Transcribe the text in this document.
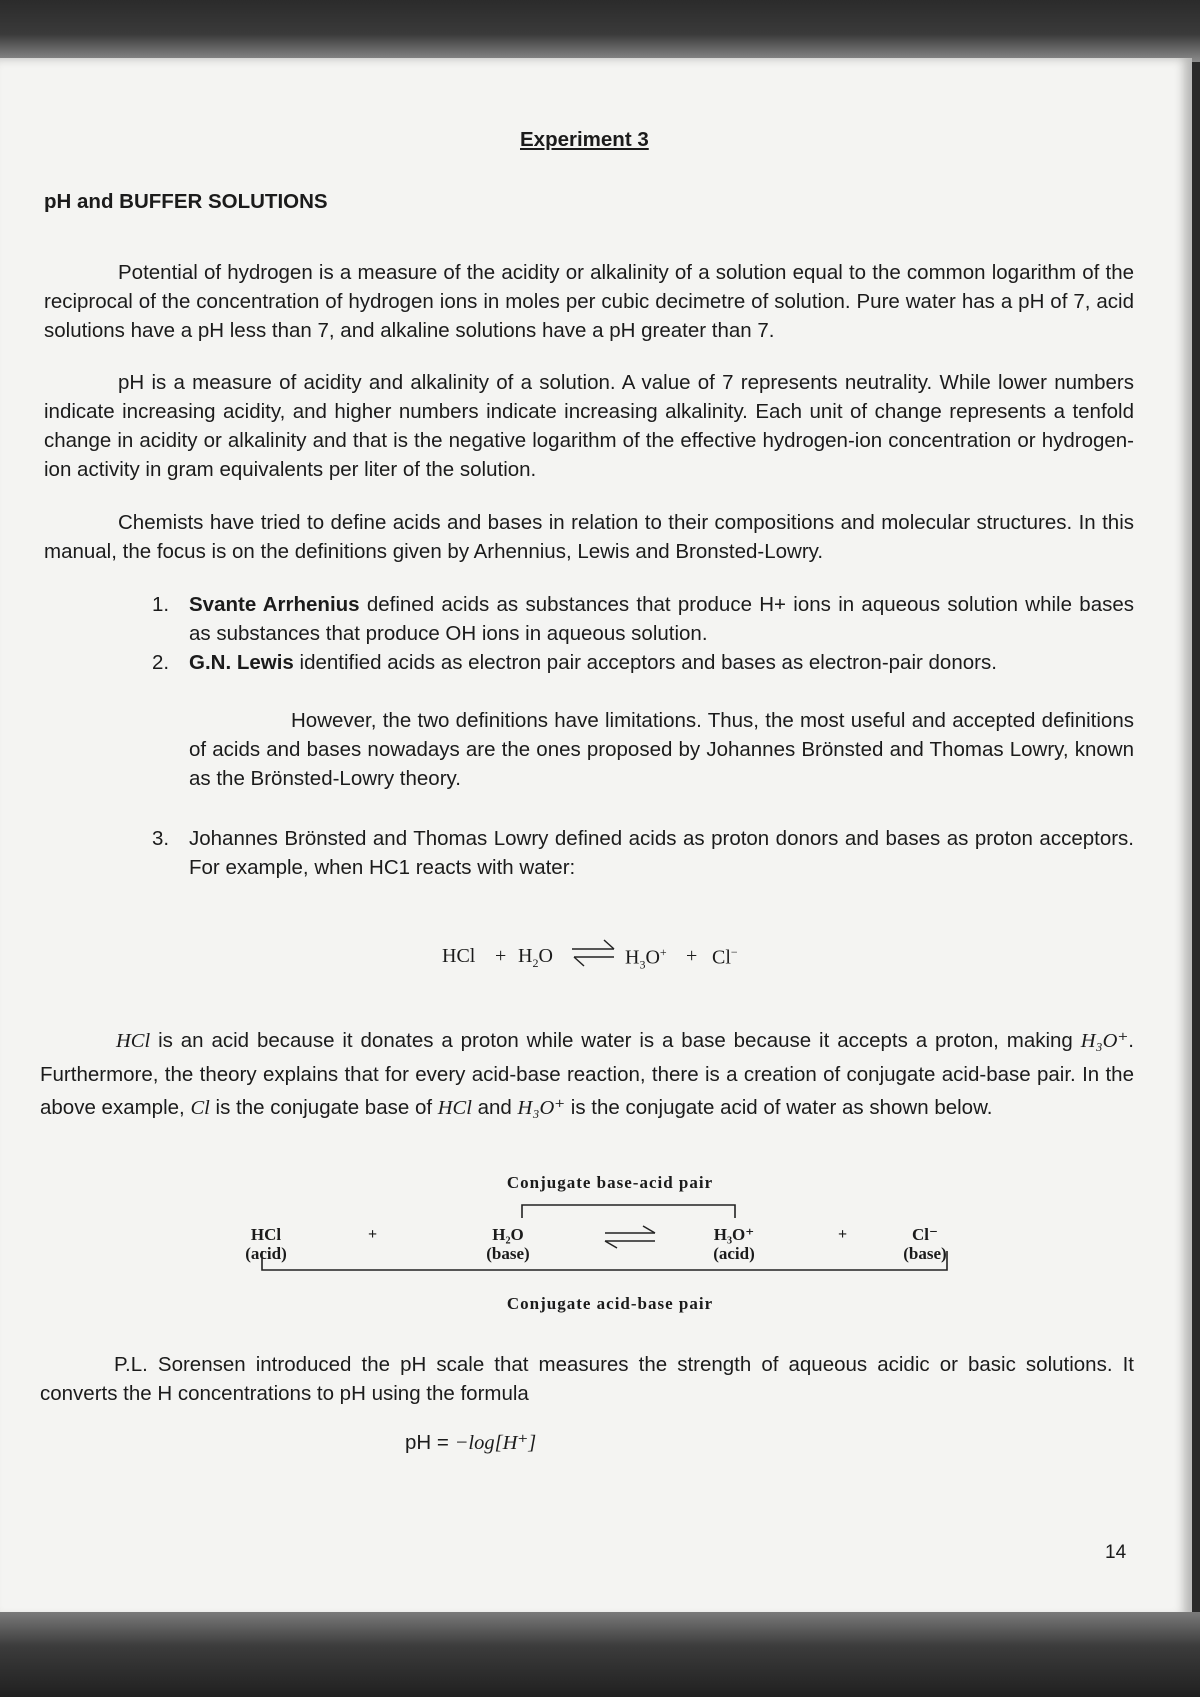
Experiment 3
pH and BUFFER SOLUTIONS
Potential of hydrogen is a measure of the acidity or alkalinity of a solution equal to the common logarithm of the reciprocal of the concentration of hydrogen ions in moles per cubic decimetre of solution. Pure water has a pH of 7, acid solutions have a pH less than 7, and alkaline solutions have a pH greater than 7.
pH is a measure of acidity and alkalinity of a solution. A value of 7 represents neutrality. While lower numbers indicate increasing acidity, and higher numbers indicate increasing alkalinity. Each unit of change represents a tenfold change in acidity or alkalinity and that is the negative logarithm of the effective hydrogen-ion concentration or hydrogen-ion activity in gram equivalents per liter of the solution.
Chemists have tried to define acids and bases in relation to their compositions and molecular structures. In this manual, the focus is on the definitions given by Arhennius, Lewis and Bronsted-Lowry.
1. Svante Arrhenius defined acids as substances that produce H+ ions in aqueous solution while bases as substances that produce OH ions in aqueous solution.
2. G.N. Lewis identified acids as electron pair acceptors and bases as electron-pair donors.
However, the two definitions have limitations. Thus, the most useful and accepted definitions of acids and bases nowadays are the ones proposed by Johannes Brönsted and Thomas Lowry, known as the Brönsted-Lowry theory.
3. Johannes Brönsted and Thomas Lowry defined acids as proton donors and bases as proton acceptors. For example, when HC1 reacts with water:
HCl + $H_2O$ ⇌ $H_3O^+ + Cl^-$
HCl is an acid because it donates a proton while water is a base because it accepts a proton, making H₃O⁺. Furthermore, the theory explains that for every acid-base reaction, there is a creation of conjugate acid-base pair. In the above example, Cl is the conjugate base of HCl and H₃O⁺ is the conjugate acid of water as shown below.
Conjugate base-acid pair
HCl
(acid)
+	H₂O
(base)
H₃O⁺
(acid)
+	Cl⁻
(base)
Conjugate acid-base pair
P.L. Sorensen introduced the pH scale that measures the strength of aqueous acidic or basic solutions. It converts the H concentrations to pH using the formula
pH = −log[H⁺]
14
